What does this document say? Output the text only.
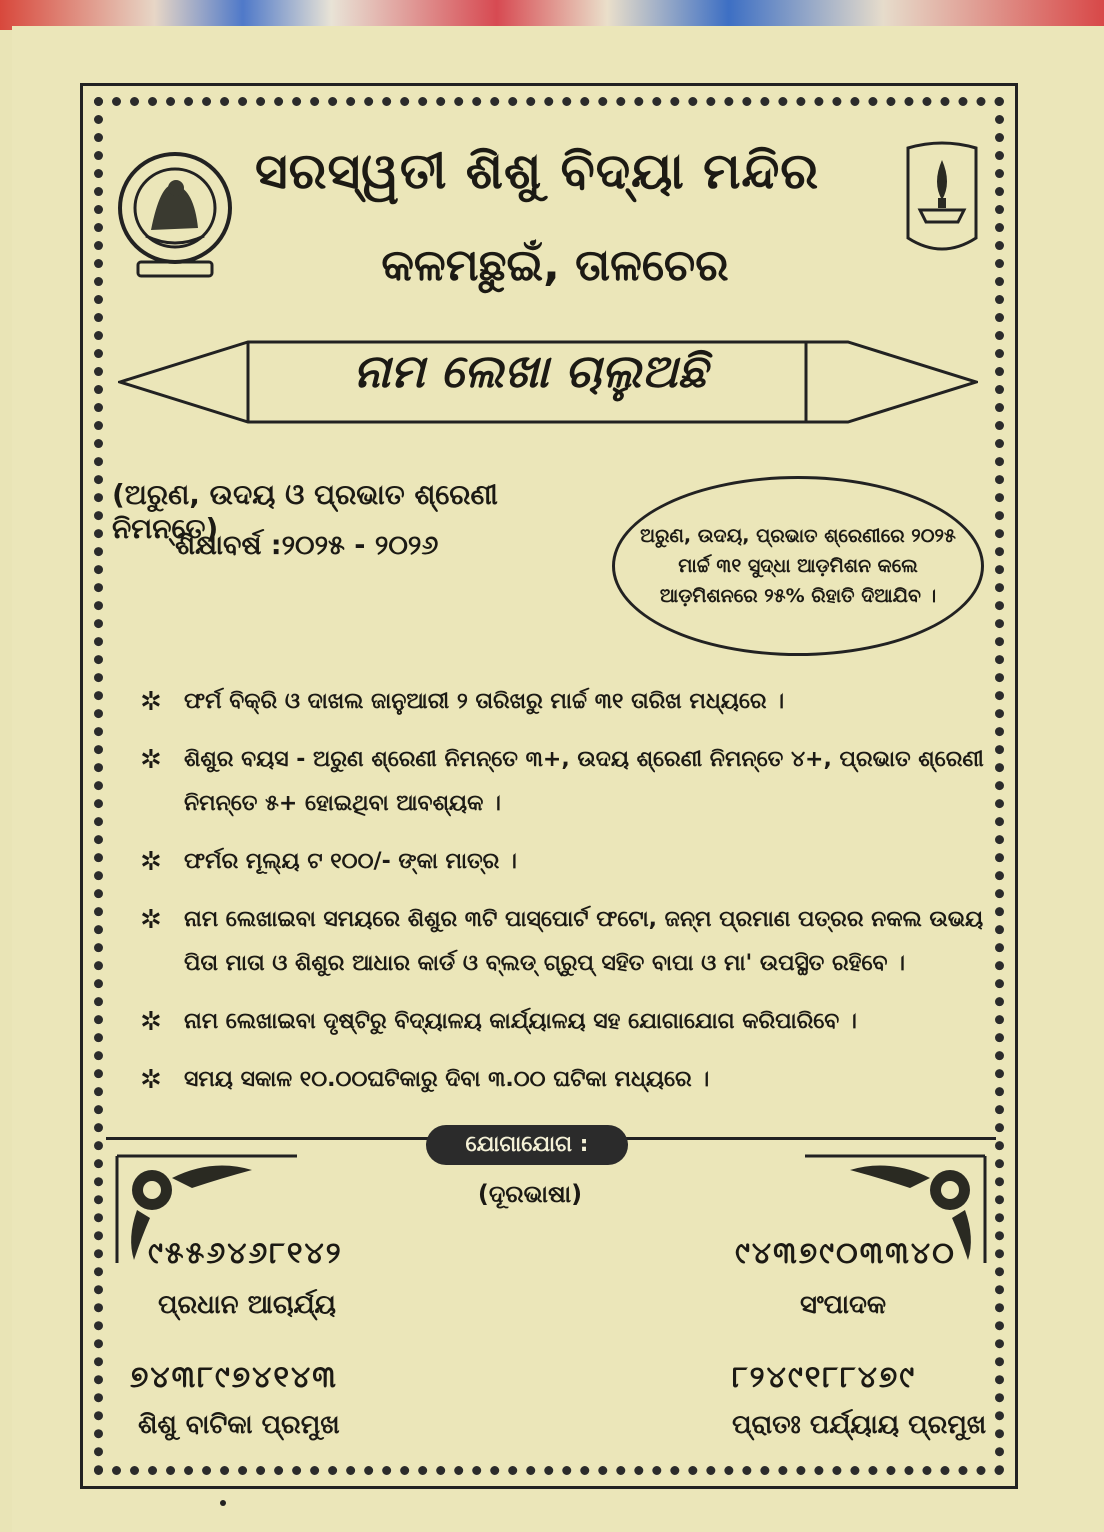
ସରସ୍ୱତୀ ଶିଶୁ ବିଦ୍ୟା ମନ୍ଦିର
କଳମଛୁଇଁ, ତାଳଚେର
ନାମ ଲେଖା ଚାଲୁଅଛି
(ଅରୁଣ, ଉଦୟ ଓ ପ୍ରଭାତ ଶ୍ରେଣୀ ନିମନ୍ତେ)
ଶିକ୍ଷାବର୍ଷ :୨୦୨୫ - ୨୦୨୬	ଅରୁଣ, ଉଦୟ, ପ୍ରଭାତ ଶ୍ରେଣୀରେ ୨୦୨୫ ମାର୍ଚ୍ଚ ୩୧ ସୁଦ୍ଧା ଆଡ଼ମିଶନ କଲେ ଆଡ଼ମିଶନରେ ୨୫% ରିହାତି ଦିଆଯିବ ।
✲ ଫର୍ମ ବିକ୍ରି ଓ ଦାଖଲ ଜାନୁଆରୀ ୨ ତାରିଖରୁ ମାର୍ଚ୍ଚ ୩୧ ତାରିଖ ମଧ୍ୟରେ ।
✲ ଶିଶୁର ବୟସ - ଅରୁଣ ଶ୍ରେଣୀ ନିମନ୍ତେ ୩+, ଉଦୟ ଶ୍ରେଣୀ ନିମନ୍ତେ ୪+, ପ୍ରଭାତ ଶ୍ରେଣୀ ନିମନ୍ତେ ୫+ ହୋଇଥିବା ଆବଶ୍ୟକ ।
✲ ଫର୍ମର ମୂଲ୍ୟ ଟ ୧୦୦/- ଙ୍କା ମାତ୍ର ।
✲ ନାମ ଲେଖାଇବା ସମୟରେ ଶିଶୁର ୩ଟି ପାସ୍‌ପୋର୍ଟ ଫଟୋ, ଜନ୍ମ ପ୍ରମାଣ ପତ୍ରର ନକଲ ଉଭୟ ପିତା ମାତା ଓ ଶିଶୁର ଆଧାର କାର୍ଡ ଓ ବ୍ଲଡ୍ ଗ୍ରୁପ୍ ସହିତ ବାପା ଓ ମା' ଉପସ୍ଥିତ ରହିବେ ।
✲ ନାମ ଲେଖାଇବା ଦୃଷ୍ଟିରୁ ବିଦ୍ୟାଳୟ କାର୍ଯ୍ୟାଳୟ ସହ ଯୋଗାଯୋଗ କରିପାରିବେ ।
✲ ସମୟ ସକାଳ ୧୦.୦୦ଘଟିକାରୁ ଦିବା ୩.୦୦ ଘଟିକା ମଧ୍ୟରେ ।
ଯୋଗାଯୋଗ :
(ଦୂରଭାଷା)
୯୫୫୬୪୬୮୧୪୨
ପ୍ରଧାନ ଆଚାର୍ଯ୍ୟ
୯୪୩୭୯୦୩୩୪୦
ସଂପାଦକ
୭୪୩୮୯୭୪୧୪୩
ଶିଶୁ ବାଟିକା ପ୍ରମୁଖ
୮୨୪୯୧୮୮୪୭୯
ପ୍ରାତଃ ପର୍ଯ୍ୟାୟ ପ୍ରମୁଖ
